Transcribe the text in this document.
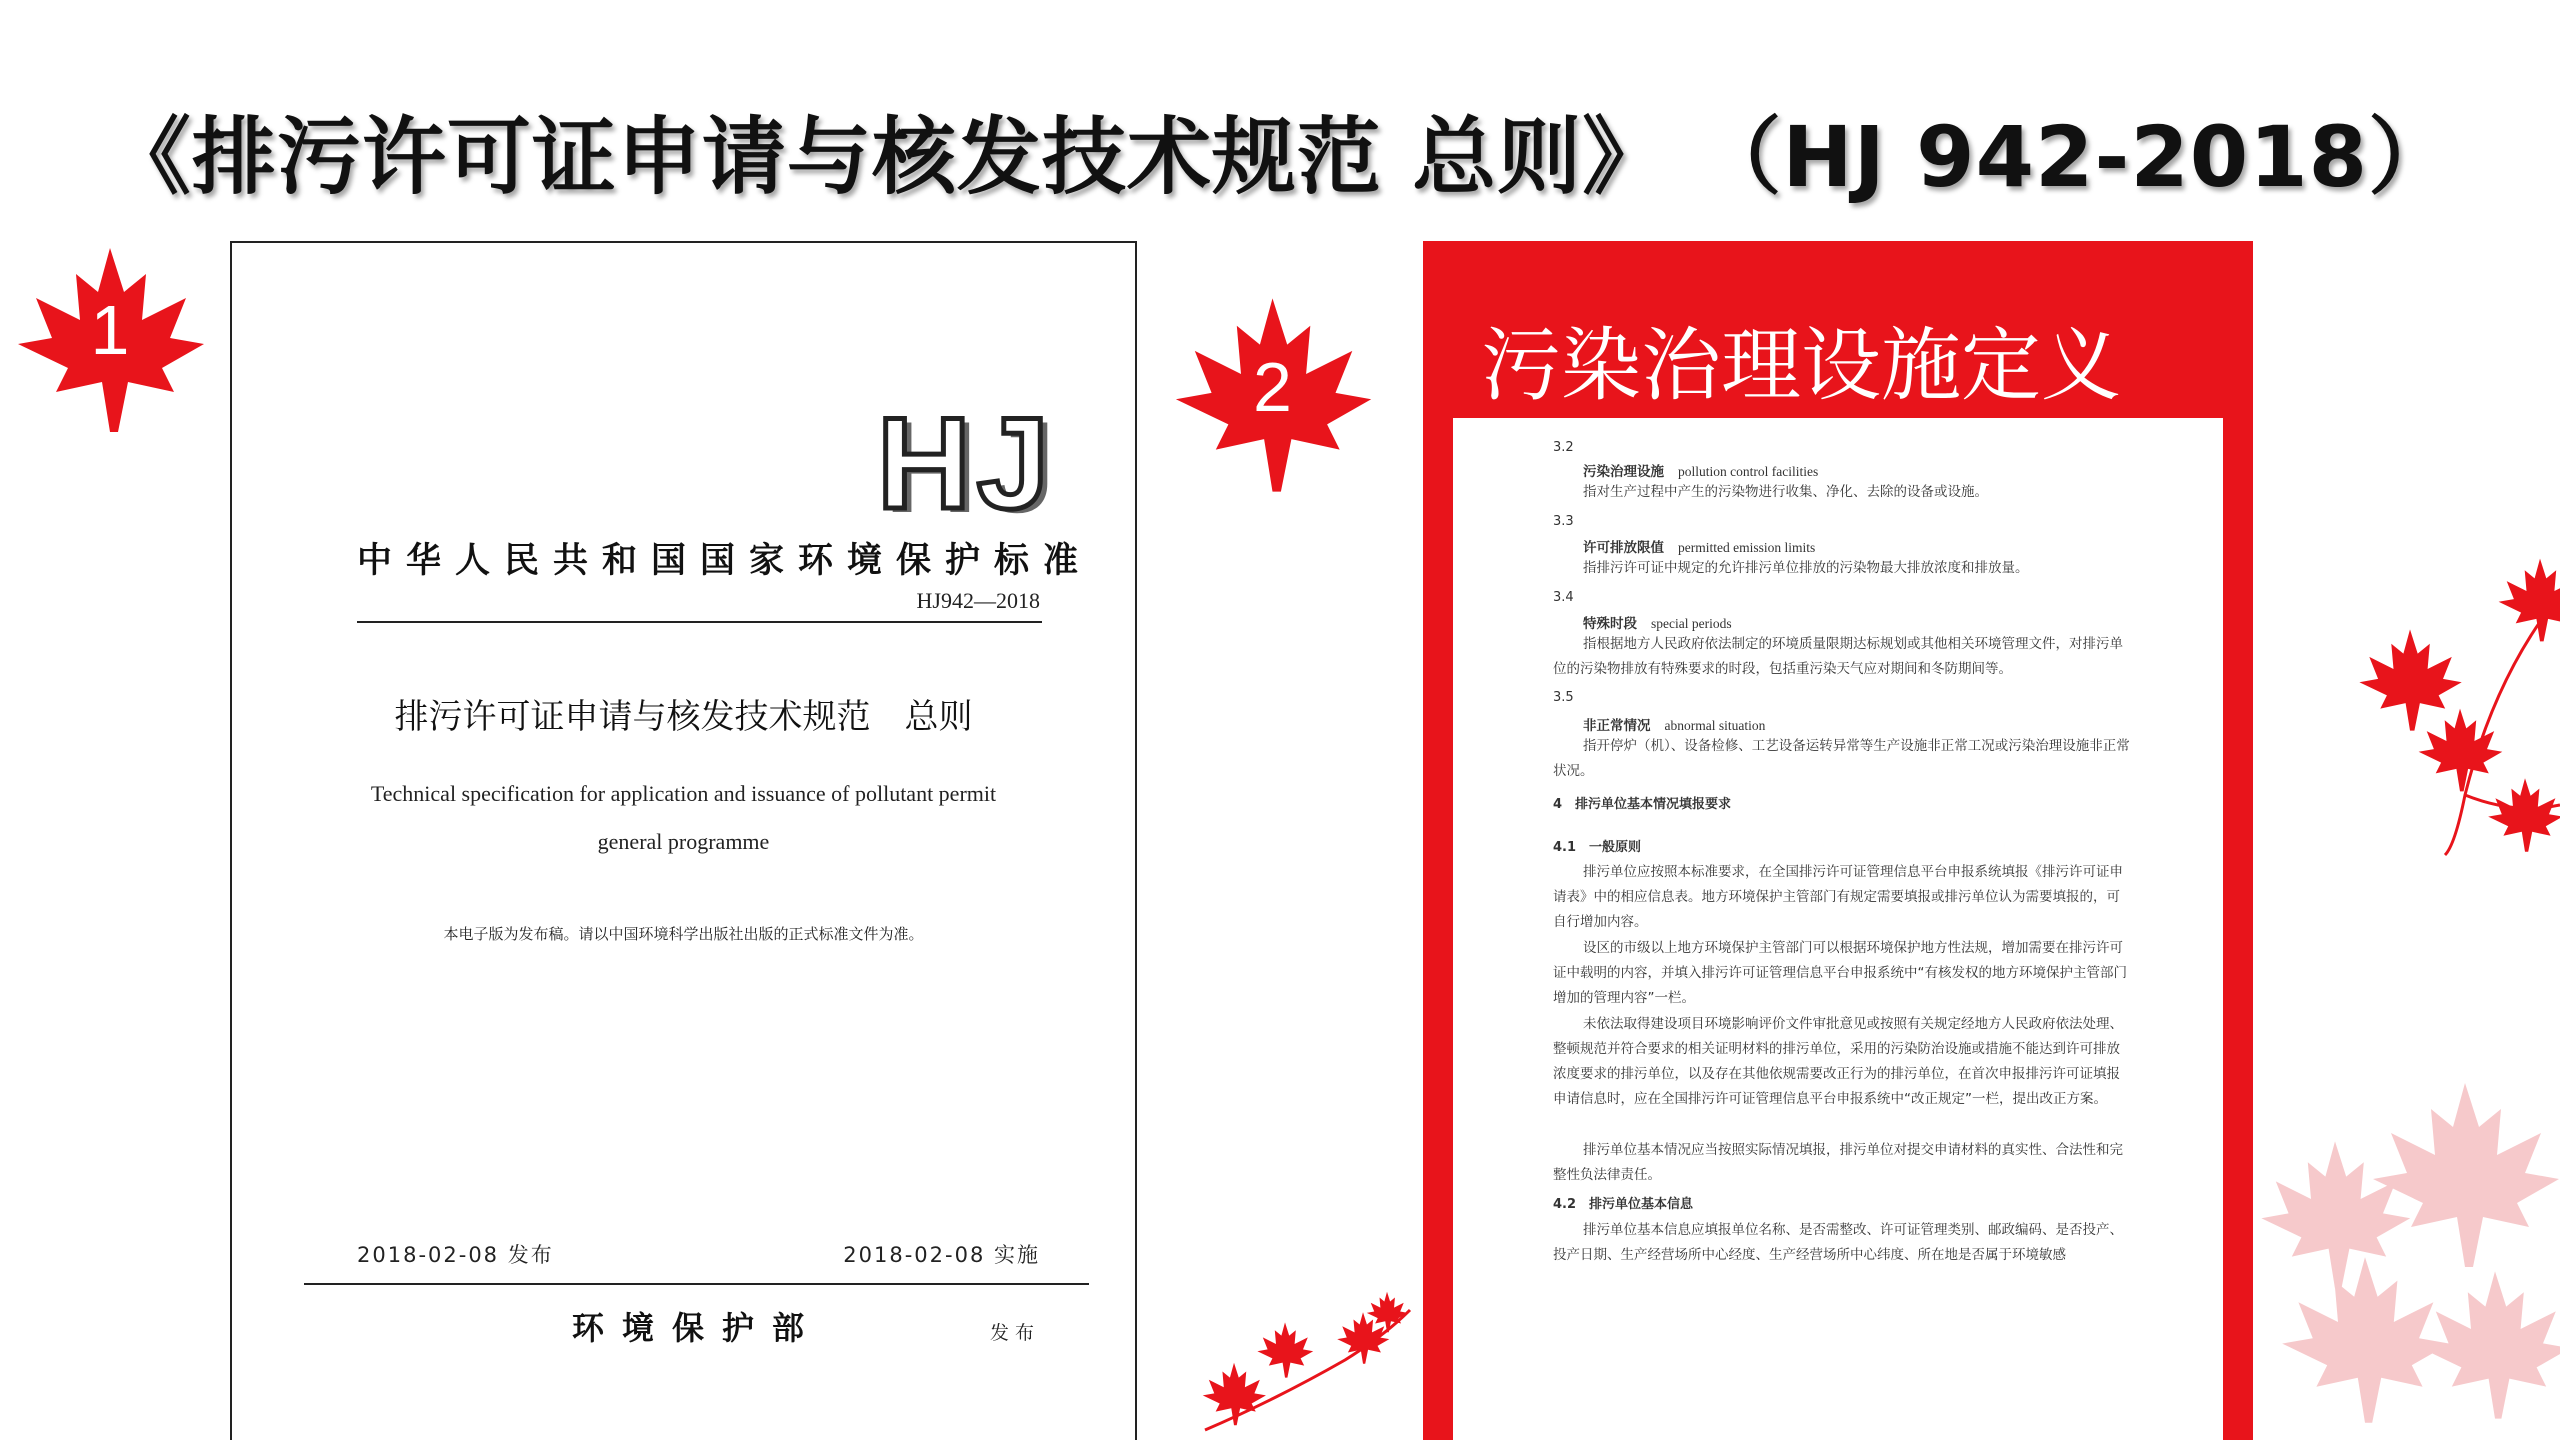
《排污许可证申请与核发技术规范 总则》 （HJ 942-2018）
1
2
HJ
中华人民共和国国家环境保护标准
HJ942—2018
排污许可证申请与核发技术规范　总则
Technical specification for application and issuance of pollutant permit
general programme
本电子版为发布稿。请以中国环境科学出版社出版的正式标准文件为准。
2018-02-08 发布	2018-02-08 实施
环境保护部	发布
污染治理设施定义
3.2
污染治理设施 pollution control facilities
指对生产过程中产生的污染物进行收集、净化、去除的设备或设施。
3.3
许可排放限值 permitted emission limits
指排污许可证中规定的允许排污单位排放的污染物最大排放浓度和排放量。
3.4
特殊时段 special periods
指根据地方人民政府依法制定的环境质量限期达标规划或其他相关环境管理文件，对排污单位的污染物排放有特殊要求的时段，包括重污染天气应对期间和冬防期间等。
3.5
非正常情况 abnormal situation
指开停炉（机）、设备检修、工艺设备运转异常等生产设施非正常工况或污染治理设施非正常状况。
4　排污单位基本情况填报要求
4.1　一般原则
排污单位应按照本标准要求，在全国排污许可证管理信息平台申报系统填报《排污许可证申请表》中的相应信息表。地方环境保护主管部门有规定需要填报或排污单位认为需要填报的，可自行增加内容。
设区的市级以上地方环境保护主管部门可以根据环境保护地方性法规，增加需要在排污许可证中载明的内容，并填入排污许可证管理信息平台申报系统中“有核发权的地方环境保护主管部门增加的管理内容”一栏。
未依法取得建设项目环境影响评价文件审批意见或按照有关规定经地方人民政府依法处理、整顿规范并符合要求的相关证明材料的排污单位，采用的污染防治设施或措施不能达到许可排放浓度要求的排污单位，以及存在其他依规需要改正行为的排污单位，在首次申报排污许可证填报申请信息时，应在全国排污许可证管理信息平台申报系统中“改正规定”一栏，提出改正方案。
排污单位基本情况应当按照实际情况填报，排污单位对提交申请材料的真实性、合法性和完整性负法律责任。
4.2　排污单位基本信息
排污单位基本信息应填报单位名称、是否需整改、许可证管理类别、邮政编码、是否投产、投产日期、生产经营场所中心经度、生产经营场所中心纬度、所在地是否属于环境敏感
